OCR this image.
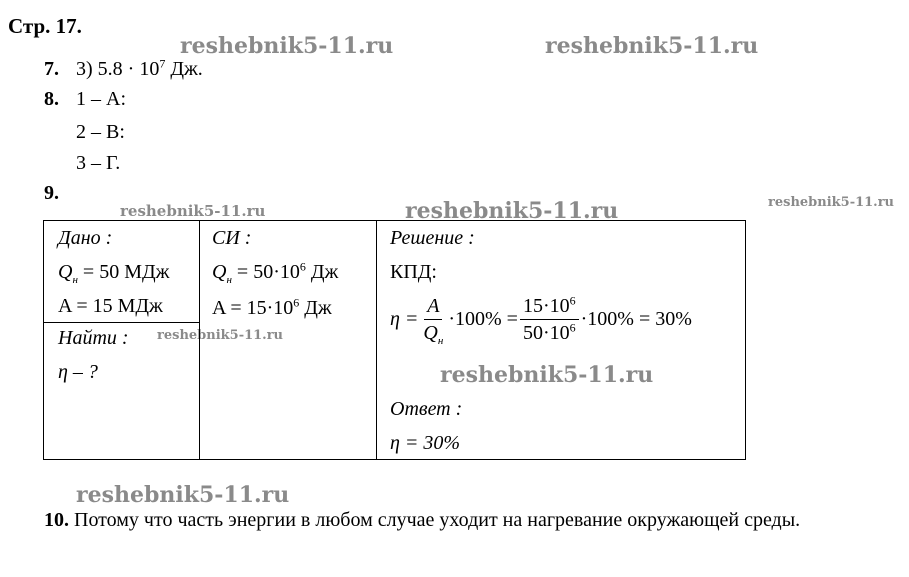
Стр. 17.
reshebnik5-11.ru	reshebnik5-11.ru
reshebnik5-11.ru	reshebnik5-11.ru	reshebnik5-11.ru
reshebnik5-11.ru
reshebnik5-11.ru
reshebnik5-11.ru
7. 3) $5.8 \cdot 10^7$ Дж.
8. 1 – А:
2 – В:
3 – Г.
9.
Дано :
$Q_н = 50$ МДж
A = 15 МДж
Найти :
η – ?
СИ :
$Q_н = 50\cdot 10^6$ Дж
$A = 15\cdot 10^6$ Дж
Решение :
КПД:
$\eta = \frac{A}{Q_н} \cdot 100\% = \frac{15\cdot 10^6}{50\cdot 10^6} \cdot 100\% = 30\%$
Ответ :
η = 30%
10. Потому что часть энергии в любом случае уходит на нагревание окружающей среды.
